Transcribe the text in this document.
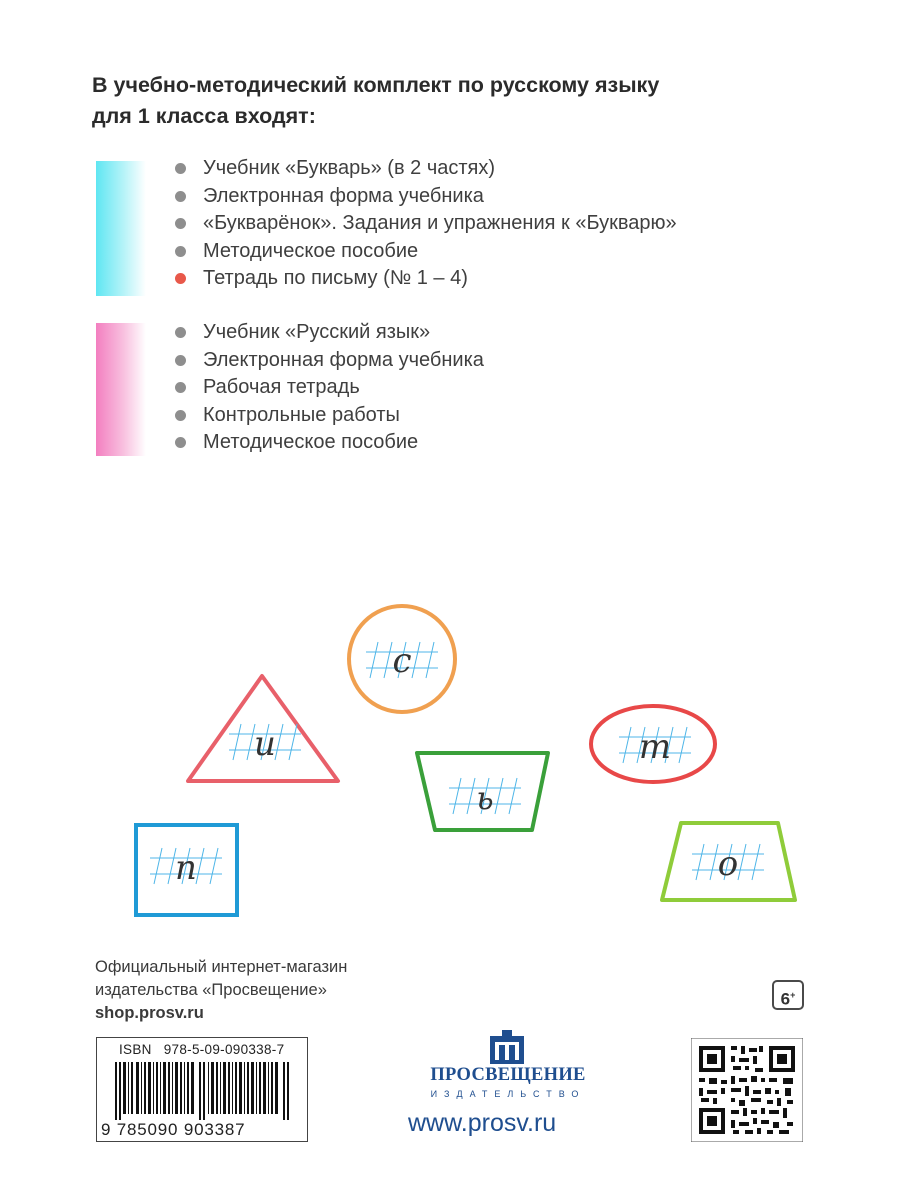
В учебно-методический комплект по русскому языку
для 1 класса входят:
Учебник «Букварь» (в 2 частях)
Электронная форма учебника
«Букварёнок». Задания и упражнения к «Букварю»
Методическое пособие
Тетрадь по письму (№ 1 – 4)
Учебник «Русский язык»
Электронная форма учебника
Рабочая тетрадь
Контрольные работы
Методическое пособие
с
и	т
ь
п	о
Официальный интернет-магазин
издательства «Просвещение»
shop.prosv.ru
6+
ISBN 978-5-09-090338-7
9 785090 903387
ПРОСВЕЩЕНИЕ
ИЗДАТЕЛЬСТВО
www.prosv.ru
